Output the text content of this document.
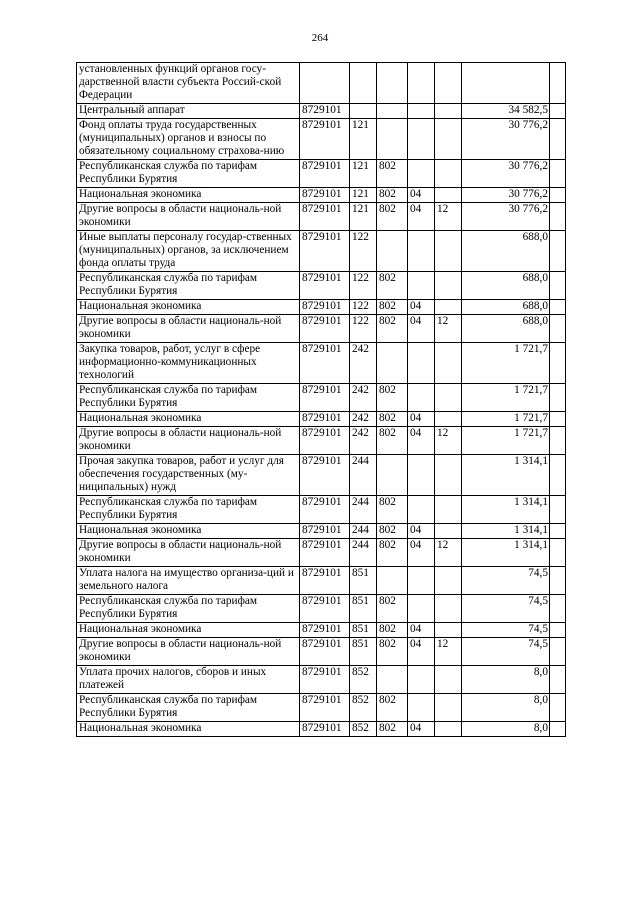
264
установленных функций органов госу-дарственной власти субъекта Россий-ской Федерации							
Центральный аппарат	8729101					34 582,5	
Фонд оплаты труда государственных (муниципальных) органов и взносы по обязательному социальному страхова-нию	8729101	121				30 776,2	
Республиканская служба по тарифам Республики Бурятия	8729101	121	802			30 776,2	
Национальная экономика	8729101	121	802	04		30 776,2	
Другие вопросы в области националь-ной экономики	8729101	121	802	04	12	30 776,2	
Иные выплаты персоналу государ-ственных (муниципальных) органов, за исключением фонда оплаты труда	8729101	122				688,0	
Республиканская служба по тарифам Республики Бурятия	8729101	122	802			688,0	
Национальная экономика	8729101	122	802	04		688,0	
Другие вопросы в области националь-ной экономики	8729101	122	802	04	12	688,0	
Закупка товаров, работ, услуг в сфере информационно-коммуникационных технологий	8729101	242				1 721,7	
Республиканская служба по тарифам Республики Бурятия	8729101	242	802			1 721,7	
Национальная экономика	8729101	242	802	04		1 721,7	
Другие вопросы в области националь-ной экономики	8729101	242	802	04	12	1 721,7	
Прочая закупка товаров, работ и услуг для обеспечения государственных (му-ниципальных) нужд	8729101	244				1 314,1	
Республиканская служба по тарифам Республики Бурятия	8729101	244	802			1 314,1	
Национальная экономика	8729101	244	802	04		1 314,1	
Другие вопросы в области националь-ной экономики	8729101	244	802	04	12	1 314,1	
Уплата налога на имущество организа-ций и земельного налога	8729101	851				74,5	
Республиканская служба по тарифам Республики Бурятия	8729101	851	802			74,5	
Национальная экономика	8729101	851	802	04		74,5	
Другие вопросы в области националь-ной экономики	8729101	851	802	04	12	74,5	
Уплата прочих налогов, сборов и иных платежей	8729101	852				8,0	
Республиканская служба по тарифам Республики Бурятия	8729101	852	802			8,0	
Национальная экономика	8729101	852	802	04		8,0	
